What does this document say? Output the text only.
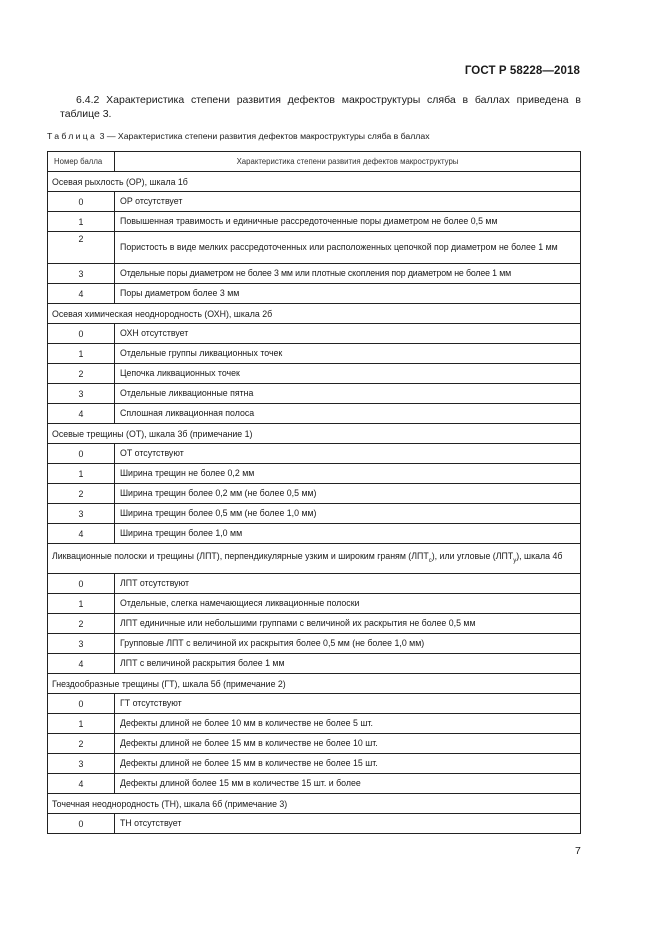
ГОСТ Р 58228—2018
6.4.2 Характеристика степени развития дефектов макроструктуры сляба в баллах приведена в таблице 3.
Таблица 3 — Характеристика степени развития дефектов макроструктуры сляба в баллах
Номер балла	Характеристика степени развития дефектов макроструктуры
Осевая рыхлость (ОР), шкала 1б	
0	ОР отсутствует
1	Повышенная травимость и единичные рассредоточенные поры диаметром не более 0,5 мм
2	Пористость в виде мелких рассредоточенных или расположенных цепочкой пор диаметром не более 1 мм
3	Отдельные поры диаметром не более 3 мм или плотные скопления пор диаметром не более 1 мм
4	Поры диаметром более 3 мм
Осевая химическая неоднородность (ОХН), шкала 2б	
0	ОХН отсутствует
1	Отдельные группы ликвационных точек
2	Цепочка ликвационных точек
3	Отдельные ликвационные пятна
4	Сплошная ликвационная полоса
Осевые трещины (ОТ), шкала 3б (примечание 1)	
0	ОТ отсутствуют
1	Ширина трещин не более 0,2 мм
2	Ширина трещин более 0,2 мм (не более 0,5 мм)
3	Ширина трещин более 0,5 мм (не более 1,0 мм)
4	Ширина трещин более 1,0 мм
Ликвационные полоски и трещины (ЛПТ), перпендикулярные узким и широким граням $(ЛПТ_с)$, или угловые $(ЛПТ_у)$, шкала 4б	
0	ЛПТ отсутствуют
1	Отдельные, слегка намечающиеся ликвационные полоски
2	ЛПТ единичные или небольшими группами с величиной их раскрытия не более 0,5 мм
3	Групповые ЛПТ с величиной их раскрытия более 0,5 мм (не более 1,0 мм)
4	ЛПТ с величиной раскрытия более 1 мм
Гнездообразные трещины (ГТ), шкала 5б (примечание 2)	
0	ГТ отсутствуют
1	Дефекты длиной не более 10 мм в количестве не более 5 шт.
2	Дефекты длиной не более 15 мм в количестве не более 10 шт.
3	Дефекты длиной не более 15 мм в количестве не более 15 шт.
4	Дефекты длиной более 15 мм в количестве 15 шт. и более
Точечная неоднородность (ТН), шкала 6б (примечание 3)	
0	ТН отсутствует
7
